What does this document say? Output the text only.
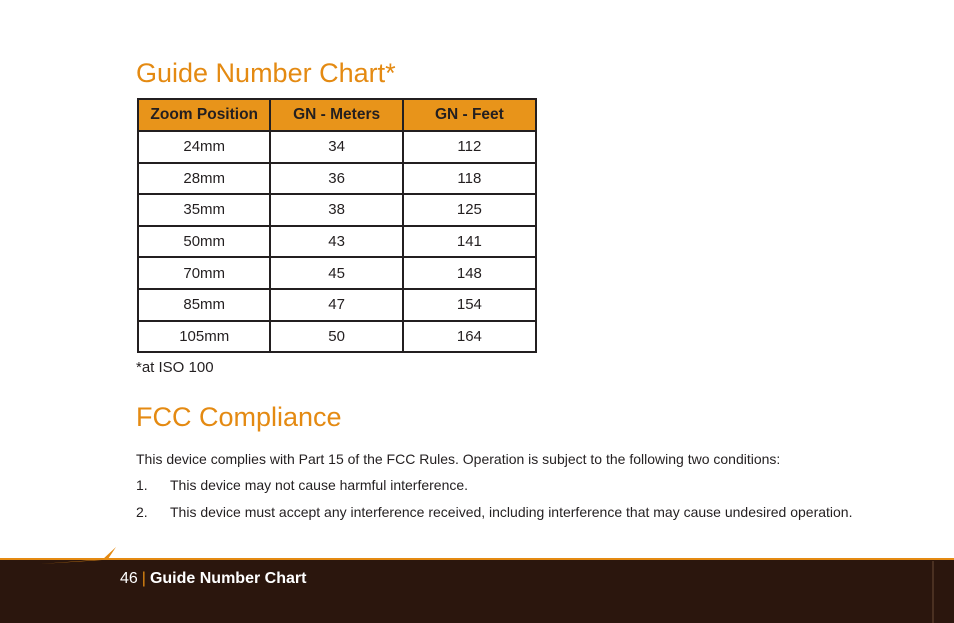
Guide Number Chart*
Zoom Position	GN - Meters	GN - Feet
24mm	34	112
28mm	36	118
35mm	38	125
50mm	43	141
70mm	45	148
85mm	47	154
105mm	50	164
*at ISO 100
FCC Compliance
This device complies with Part 15 of the FCC Rules. Operation is subject to the following two conditions:
1. This device may not cause harmful interference.
2. This device must accept any interference received, including interference that may cause undesired operation.
46 | Guide Number Chart
